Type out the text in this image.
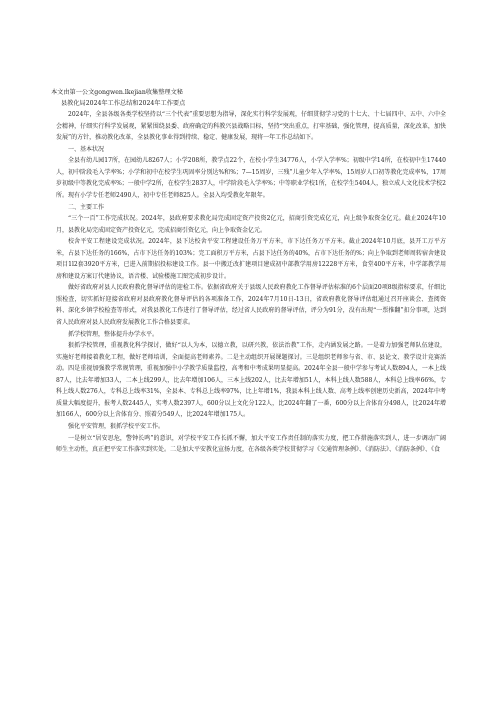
本文由第一公文gongwen.lkejian收集整理文秘
县教化局2024年工作总结和2024年工作要点

2024年，全县各级各类学校坚持以“三个代表”重要思想为指导，深化实行科学发展观，仔细贯彻学习党的十七大、十七届四中、五中、六中全会精神，仔细实行科学发展观，紧紧围绕县委、政府确定的科教兴县战略目标，坚持“突出重点，打牢基础，强化管理，提高质量，深化改革，加快发展”的方针，推动教化改革，全县教化事业得到持续、稳定、健康发展，现将一年工作总结如下。

一、基本状况

全县有幼儿园17所，在园幼儿8267人；小学208所，教学点22个，在校小学生34776人，小学入学率%；初级中学14所，在校初中生17440人，初中阶段毛入学率%；小学和初中在校学生巩固率分别达%和%；7—15周岁，三残”儿童少年入学率%，15周岁人口初等教化完成率%，17周岁初级中等教化完成率%；一般中学2所，在校学生2837人，中学阶段毛入学率%；中等职业学校1所，在校学生5404人，独立成人文化技术学校2所。现有小学专任老师2490人，初中专任老师825人。全县入均受教化年限年。

二、主要工作

“三个一百”工作完成状况。2024年，县政府要求教化局完成固定资产投资2亿元，招商引资完成亿元，向上级争取资金亿元。截止2024年10月，县教化局完成固定资产投资亿元，完成招商引资亿元，向上争取资金亿元。

校舍平安工程建设完成状况。2024年，县下达校舍平安工程建设任务万平方米，市下达任务万平方米。截止2024年10月底，县开工万平方米，占县下达任务的166%，占市下达任务的103%；完工面积万平方米，占县下达任务的40%，占市下达任务的%；向上争取到老师周转宿舍建设项目1l2套3920平方米，已进入前期招投标建设工作。县一中搬迁改扩建项目建成初中部教学用房12228平方米，食堂400平方米，中学部教学用房和建设方案订代建协议，语音楼、试验楼施工图完成初步设计。

做好省政府对县人民政府教化督导评估的迎检工作。依据省政府关于县级人民政府教化工作督导评估标准的6个层面20项8级指标要求，仔细比照检查，切实抓好迎接省政府对县政府教化督导评估的各项准备工作，2024年7月10日-13日，省政府教化督导评估组通过召开座谈会、查阅资料、深化乡镇学校检查等形式，对我县教化工作进行了督导评估，经过省人民政府的督导评估，评分为91分，没有出现“一票推翻”扣分事项，达到省人民政府对县人民政府发展教化工作合格县要求。

抓学校管理，整体提升办学水平。

狠抓学校管理，重视教化科学探讨，做好“以人为本，以德立教，以研兴教，依法治教”工作，走内涵发展之路。一是着力加强老师队伍建设，实施好老师接着教化工程，做好老师培训，全面提高老师素养。二是主动组织开展课题探讨。三是组织老师参与省、市、县论文、教学设计竞赛活动。四是重视加强教学常规管理，重视加强中小学教学质量监控，高考和中考成果明显提高。2024年全县一般中学参与考试人数894人，一本上线87人，比去年增加33人，二本上线299人，比去年增加106人，三本上线202人，比去年增加51人，本科上线人数588人，本科总上线率66%，专科上线人数276人，专科总上线率31%，全县本、专科总上线率97%，比上年增1%，我县本科上线人数、高考上线率创建历史新高，2024年中考质量大幅度提升，报考人数2445人，实考人数2397人，600分以上文化分122人，比2024年翻了一番，600分以上含体育分498人，比2024年增加166人，600分以上含体育分、照着分549人，比2024年增加175人。

强化平安管理，狠抓学校平安工作。

一是树立“居安思危，警钟长鸣”的意识，对学校平安工作长抓不懈，加大平安工作责任制的落实力度，把工作措施落实到人，进一步调动广阔师生主动性，真正把平安工作落实到实处。二是加大平安教化宣扬力度，在各级各类学校贯彻学习《交通管理条例》、《消防法》、《消防条例》、《食
